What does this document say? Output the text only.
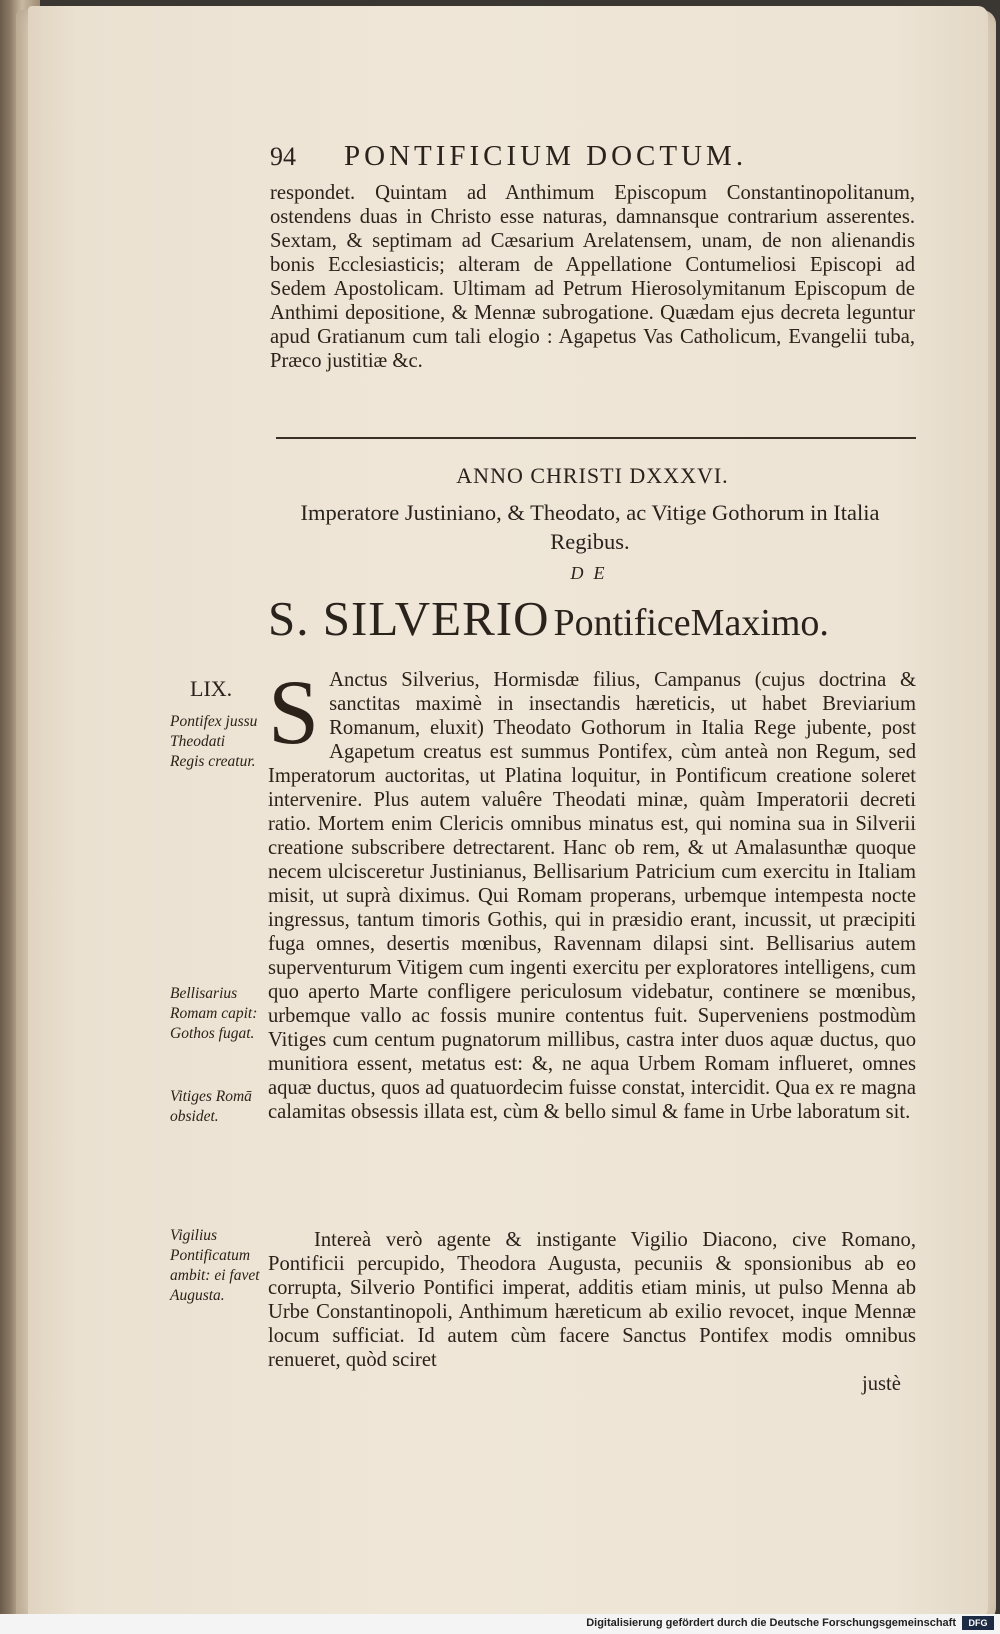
94 PONTIFICIUM DOCTUM.
respondet. Quintam ad Anthimum Episcopum Constantinopolitanum, ostendens duas in Christo esse naturas, damnansque contrarium asserentes. Sextam, & septimam ad Cæsarium Arelatensem, unam, de non alienandis bonis Ecclesiasticis; alteram de Appellatione Contumeliosi Episcopi ad Sedem Apostolicam. Ultimam ad Petrum Hierosolymitanum Episcopum de Anthimi depositione, & Mennæ subrogatione. Quædam ejus decreta leguntur apud Gratianum cum tali elogio : Agapetus Vas Catholicum, Evangelii tuba, Præco justitiæ &c.
ANNO CHRISTI DXXXVI.
Imperatore Justiniano, & Theodato, ac Vitige Gothorum in Italia Regibus.
DE
S. SILVERIO PontificeMaximo.
LIX.
Pontifex jussu Theodati Regis creatur.
Bellisarius Romam capit: Gothos fugat.
Vitiges Romā obsidet.
Vigilius Pontificatum ambit: ei favet Augusta.
S Anctus Silverius, Hormisdæ filius, Campanus (cujus doctrina & sanctitas maximè in insectandis hæreticis, ut habet Breviarium Romanum, eluxit) Theodato Gothorum in Italia Rege jubente, post Agapetum creatus est summus Pontifex, cùm anteà non Regum, sed Imperatorum auctoritas, ut Platina loquitur, in Pontificum creatione soleret intervenire. Plus autem valuêre Theodati minæ, quàm Imperatorii decreti ratio. Mortem enim Clericis omnibus minatus est, qui nomina sua in Silverii creatione subscribere detrectarent. Hanc ob rem, & ut Amalasunthæ quoque necem ulcisceretur Justinianus, Bellisarium Patricium cum exercitu in Italiam misit, ut suprà diximus. Qui Romam properans, urbemque intempesta nocte ingressus, tantum timoris Gothis, qui in præsidio erant, incussit, ut præcipiti fuga omnes, desertis mœnibus, Ravennam dilapsi sint. Bellisarius autem superventurum Vitigem cum ingenti exercitu per exploratores intelligens, cum quo aperto Marte confligere periculosum videbatur, continere se mœnibus, urbemque vallo ac fossis munire contentus fuit. Superveniens postmodùm Vitiges cum centum pugnatorum millibus, castra inter duos aquæ ductus, quo munitiora essent, metatus est: &, ne aqua Urbem Romam influeret, omnes aquæ ductus, quos ad quatuordecim fuisse constat, intercidit. Qua ex re magna calamitas obsessis illata est, cùm & bello simul & fame in Urbe laboratum sit.
Intereà verò agente & instigante Vigilio Diacono, cive Romano, Pontificii percupido, Theodora Augusta, pecuniis & sponsionibus ab eo corrupta, Silverio Pontifici imperat, additis etiam minis, ut pulso Menna ab Urbe Constantinopoli, Anthimum hæreticum ab exilio revocet, inque Mennæ locum sufficiat. Id autem cùm facere Sanctus Pontifex modis omnibus renueret, quòd sciret
justè
Digitalisierung gefördert durch die Deutsche Forschungsgemeinschaft	DFG
